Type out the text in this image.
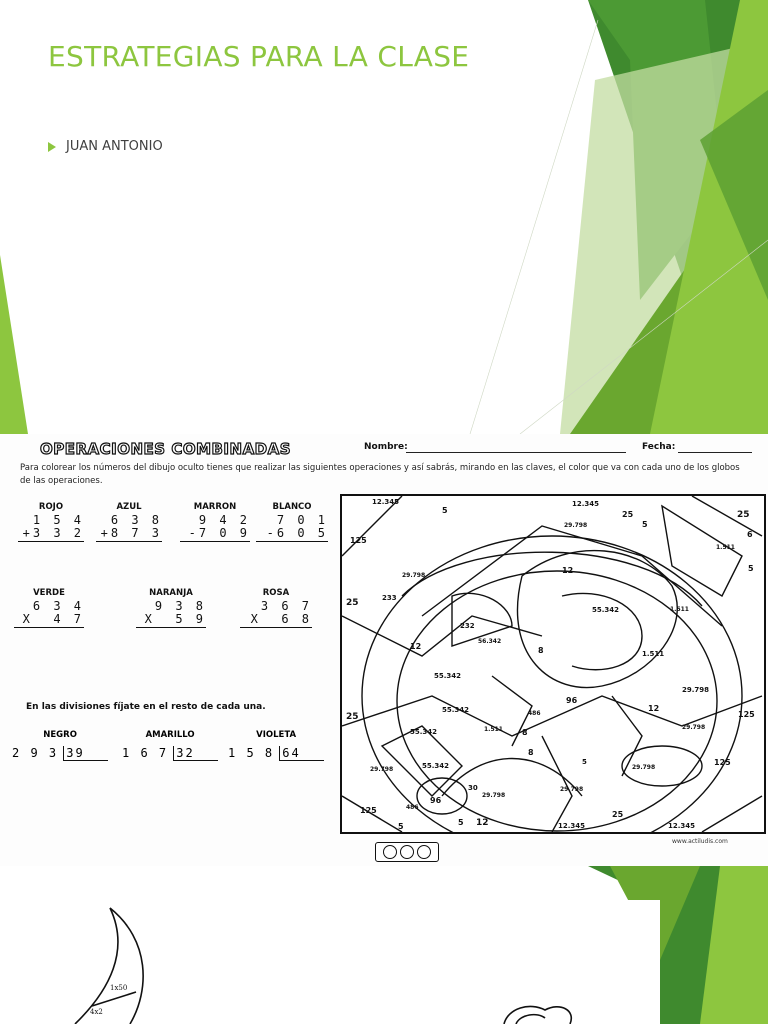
ESTRATEGIAS PARA LA CLASE
JUAN ANTONIO
OPERACIONES COMBINADAS	Nombre:	Fecha:
Para colorear los números del dibujo oculto tienes que realizar las siguientes operaciones y así sabrás, mirando en las claves, el color que va con cada uno de los globos de las operaciones.
ROJO
1 5 4
+3 3 2
AZUL
6 3 8
+8 7 3
MARRON
9 4 2
-7 0 9
BLANCO
7 0 1
-6 0 5
VERDE
6 3 4
X  4 7
NARANJA
9 3 8
X  5 9
ROSA
3 6 7
X  6 8
En las divisiones fíjate en el resto de cada una.
NEGRO
2 9 3 39
AMARILLO
1 6 7 32
VIOLETA
1 5 8 64
12.345
5
12.345
25	25
5
6
125
29.798
29.798
1.511
5
25
12
55.342	1.511
1.511
233
232
12
56.342
8
55.342
29.798
25
55.342	486
96
12
125
55.342	1.511 8
29.798
8
55.342
29.798
5
29.798
125
486
96
30
29.798
29.798
125
5	5 12	12.345
25
12.345
www.actiludis.com
1x50
4x2
